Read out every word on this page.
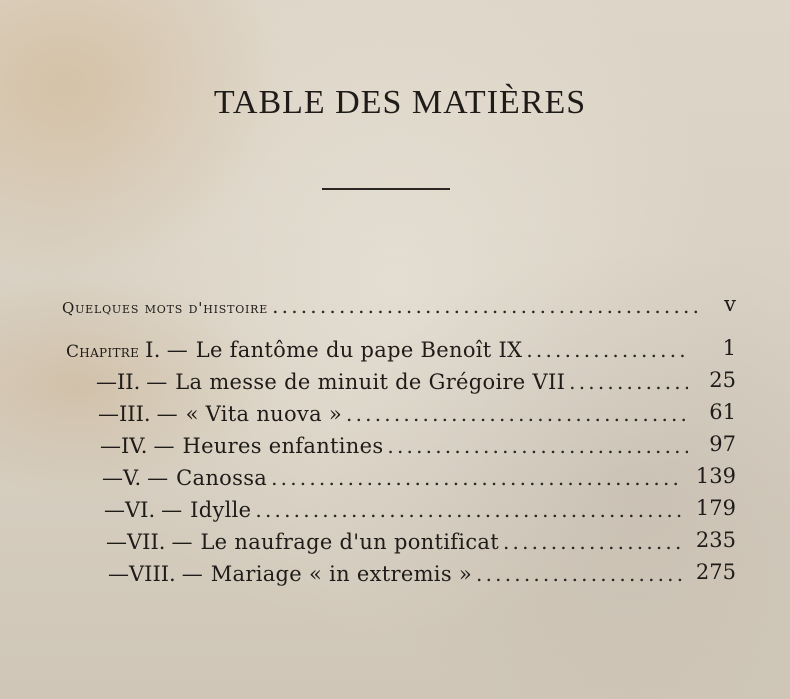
TABLE DES MATIÈRES
Quelques mots d'histoire .....	v
Chapitre I. — Le fantôme du pape Benoît IX .....	1
— II. — La messe de minuit de Grégoire VII .....	25
— III. — « Vita nuova » .....	61
— IV. — Heures enfantines .....	97
— V. — Canossa .....	139
— VI. — Idylle .....	179
— VII. — Le naufrage d'un pontificat .....	235
— VIII. — Mariage « in extremis » .....	275
